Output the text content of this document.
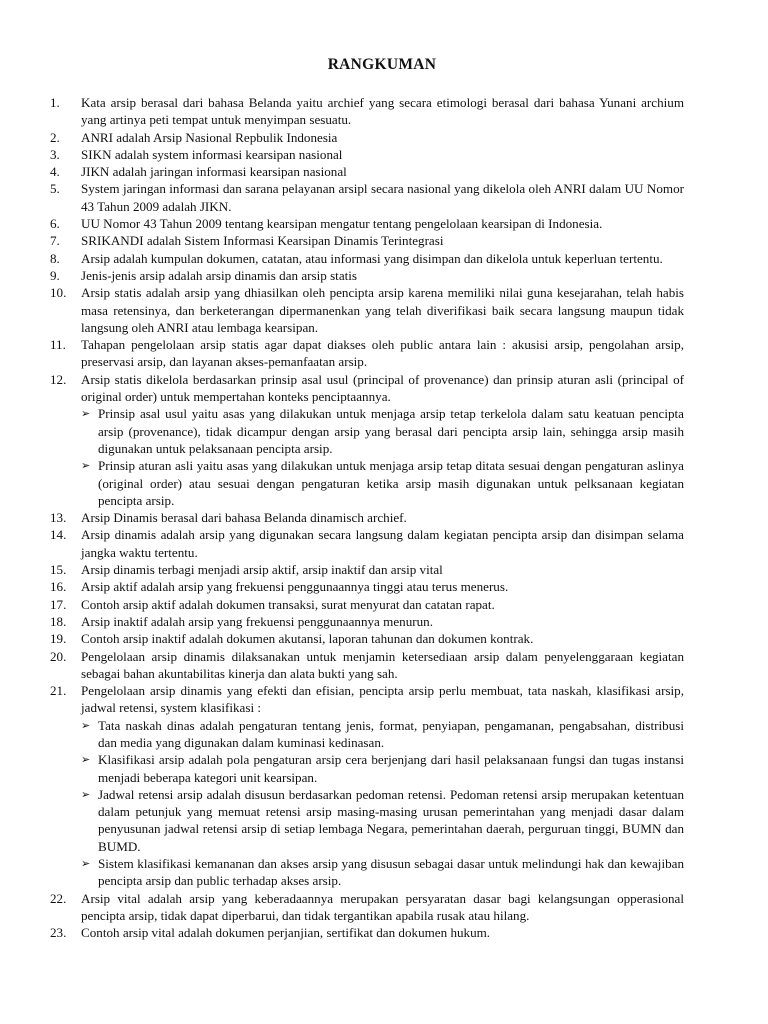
RANGKUMAN
1. Kata arsip berasal dari bahasa Belanda yaitu archief yang secara etimologi berasal dari bahasa Yunani archium yang artinya peti tempat untuk menyimpan sesuatu.
2. ANRI adalah Arsip Nasional Repbulik Indonesia
3. SIKN adalah system informasi kearsipan nasional
4. JIKN adalah jaringan informasi kearsipan nasional
5. System jaringan informasi dan sarana pelayanan arsipl secara nasional yang dikelola oleh ANRI dalam UU Nomor 43 Tahun 2009 adalah JIKN.
6. UU Nomor 43 Tahun 2009 tentang kearsipan mengatur tentang pengelolaan kearsipan di Indonesia.
7. SRIKANDI adalah Sistem Informasi Kearsipan Dinamis Terintegrasi
8. Arsip adalah kumpulan dokumen, catatan, atau informasi yang disimpan dan dikelola untuk keperluan tertentu.
9. Jenis-jenis arsip adalah arsip dinamis dan arsip statis
10. Arsip statis adalah arsip yang dhiasilkan oleh pencipta arsip karena memiliki nilai guna kesejarahan, telah habis masa retensinya, dan berketerangan dipermanenkan yang telah diverifikasi baik secara langsung maupun tidak langsung oleh ANRI atau lembaga kearsipan.
11. Tahapan pengelolaan arsip statis agar dapat diakses oleh public antara lain : akusisi arsip, pengolahan arsip, preservasi arsip, dan layanan akses-pemanfaatan arsip.
12. Arsip statis dikelola berdasarkan prinsip asal usul (principal of provenance) dan prinsip aturan asli (principal of original order) untuk mempertahan konteks penciptaannya.
➢ Prinsip asal usul yaitu asas yang dilakukan untuk menjaga arsip tetap terkelola dalam satu keatuan pencipta arsip (provenance), tidak dicampur dengan arsip yang berasal dari pencipta arsip lain, sehingga arsip masih digunakan untuk pelaksanaan pencipta arsip.
➢ Prinsip aturan asli yaitu asas yang dilakukan untuk menjaga arsip tetap ditata sesuai dengan pengaturan aslinya (original order) atau sesuai dengan pengaturan ketika arsip masih digunakan untuk pelksanaan kegiatan pencipta arsip.
13. Arsip Dinamis berasal dari bahasa Belanda dinamisch archief.
14. Arsip dinamis adalah arsip yang digunakan secara langsung dalam kegiatan pencipta arsip dan disimpan selama jangka waktu tertentu.
15. Arsip dinamis terbagi menjadi arsip aktif, arsip inaktif dan arsip vital
16. Arsip aktif adalah arsip yang frekuensi penggunaannya tinggi atau terus menerus.
17. Contoh arsip aktif adalah dokumen transaksi, surat menyurat dan catatan rapat.
18. Arsip inaktif adalah arsip yang frekuensi penggunaannya menurun.
19. Contoh arsip inaktif adalah dokumen akutansi, laporan tahunan dan dokumen kontrak.
20. Pengelolaan arsip dinamis dilaksanakan untuk menjamin ketersediaan arsip dalam penyelenggaraan kegiatan sebagai bahan akuntabilitas kinerja dan alata bukti yang sah.
21. Pengelolaan arsip dinamis yang efekti dan efisian, pencipta arsip perlu membuat, tata naskah, klasifikasi arsip, jadwal retensi, system klasifikasi :
➢ Tata naskah dinas adalah pengaturan tentang jenis, format, penyiapan, pengamanan, pengabsahan, distribusi dan media yang digunakan dalam kuminasi kedinasan.
➢ Klasifikasi arsip adalah pola pengaturan arsip cera berjenjang dari hasil pelaksanaan fungsi dan tugas instansi menjadi beberapa kategori unit kearsipan.
➢ Jadwal retensi arsip adalah disusun berdasarkan pedoman retensi. Pedoman retensi arsip merupakan ketentuan dalam petunjuk yang memuat retensi arsip masing-masing urusan pemerintahan yang menjadi dasar dalam penyusunan jadwal retensi arsip di setiap lembaga Negara, pemerintahan daerah, perguruan tinggi, BUMN dan BUMD.
➢ Sistem klasifikasi kemananan dan akses arsip yang disusun sebagai dasar untuk melindungi hak dan kewajiban pencipta arsip dan public terhadap akses arsip.
22. Arsip vital adalah arsip yang keberadaannya merupakan persyaratan dasar bagi kelangsungan opperasional pencipta arsip, tidak dapat diperbarui, dan tidak tergantikan apabila rusak atau hilang.
23. Contoh arsip vital adalah dokumen perjanjian, sertifikat dan dokumen hukum.
